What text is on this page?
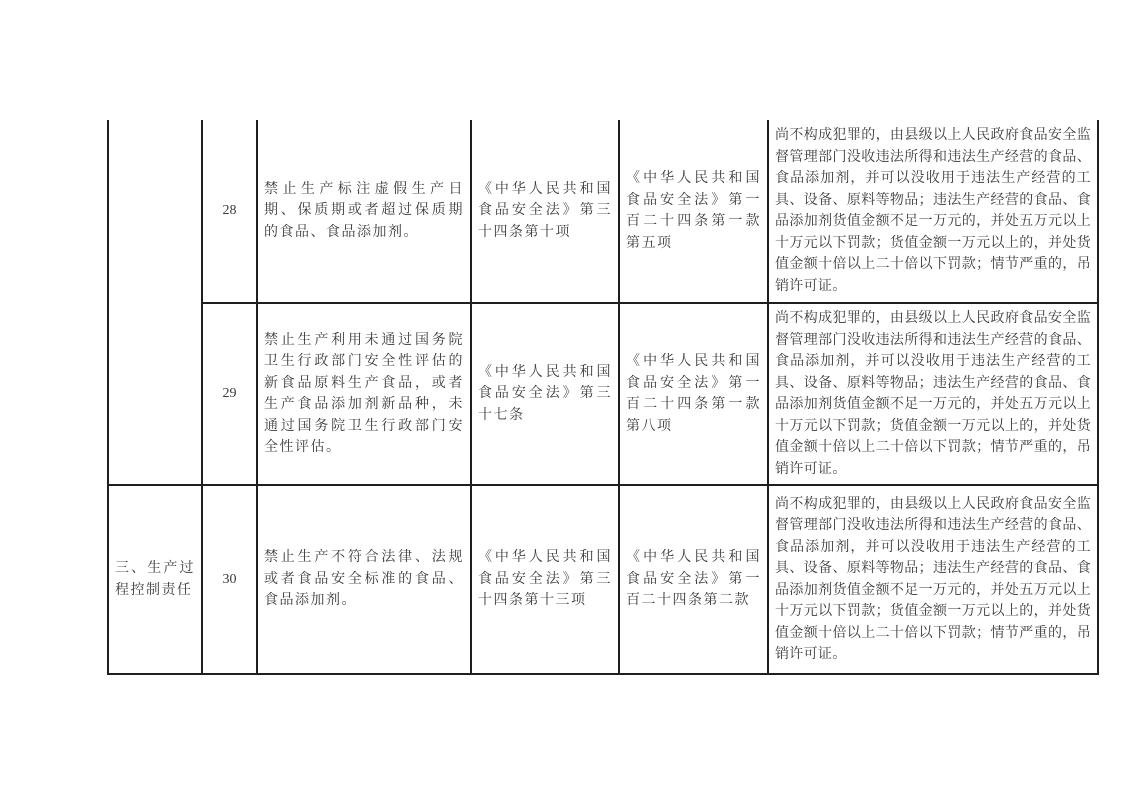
	28	禁止生产标注虚假生产日期、保质期或者超过保质期的食品、食品添加剂。	《中华人民共和国食品安全法》第三十四条第十项	《中华人民共和国食品安全法》第一百二十四条第一款第五项	尚不构成犯罪的，由县级以上人民政府食品安全监督管理部门没收违法所得和违法生产经营的食品、食品添加剂，并可以没收用于违法生产经营的工具、设备、原料等物品；违法生产经营的食品、食品添加剂货值金额不足一万元的，并处五万元以上十万元以下罚款；货值金额一万元以上的，并处货值金额十倍以上二十倍以下罚款；情节严重的，吊销许可证。
	29	禁止生产利用未通过国务院卫生行政部门安全性评估的新食品原料生产食品，或者生产食品添加剂新品种，未通过国务院卫生行政部门安全性评估。	《中华人民共和国食品安全法》第三十七条	《中华人民共和国食品安全法》第一百二十四条第一款第八项	尚不构成犯罪的，由县级以上人民政府食品安全监督管理部门没收违法所得和违法生产经营的食品、食品添加剂，并可以没收用于违法生产经营的工具、设备、原料等物品；违法生产经营的食品、食品添加剂货值金额不足一万元的，并处五万元以上十万元以下罚款；货值金额一万元以上的，并处货值金额十倍以上二十倍以下罚款；情节严重的，吊销许可证。
三、生产过程控制责任	30	禁止生产不符合法律、法规或者食品安全标准的食品、食品添加剂。	《中华人民共和国食品安全法》第三十四条第十三项	《中华人民共和国食品安全法》第一百二十四条第二款	尚不构成犯罪的，由县级以上人民政府食品安全监督管理部门没收违法所得和违法生产经营的食品、食品添加剂，并可以没收用于违法生产经营的工具、设备、原料等物品；违法生产经营的食品、食品添加剂货值金额不足一万元的，并处五万元以上十万元以下罚款；货值金额一万元以上的，并处货值金额十倍以上二十倍以下罚款；情节严重的，吊销许可证。
